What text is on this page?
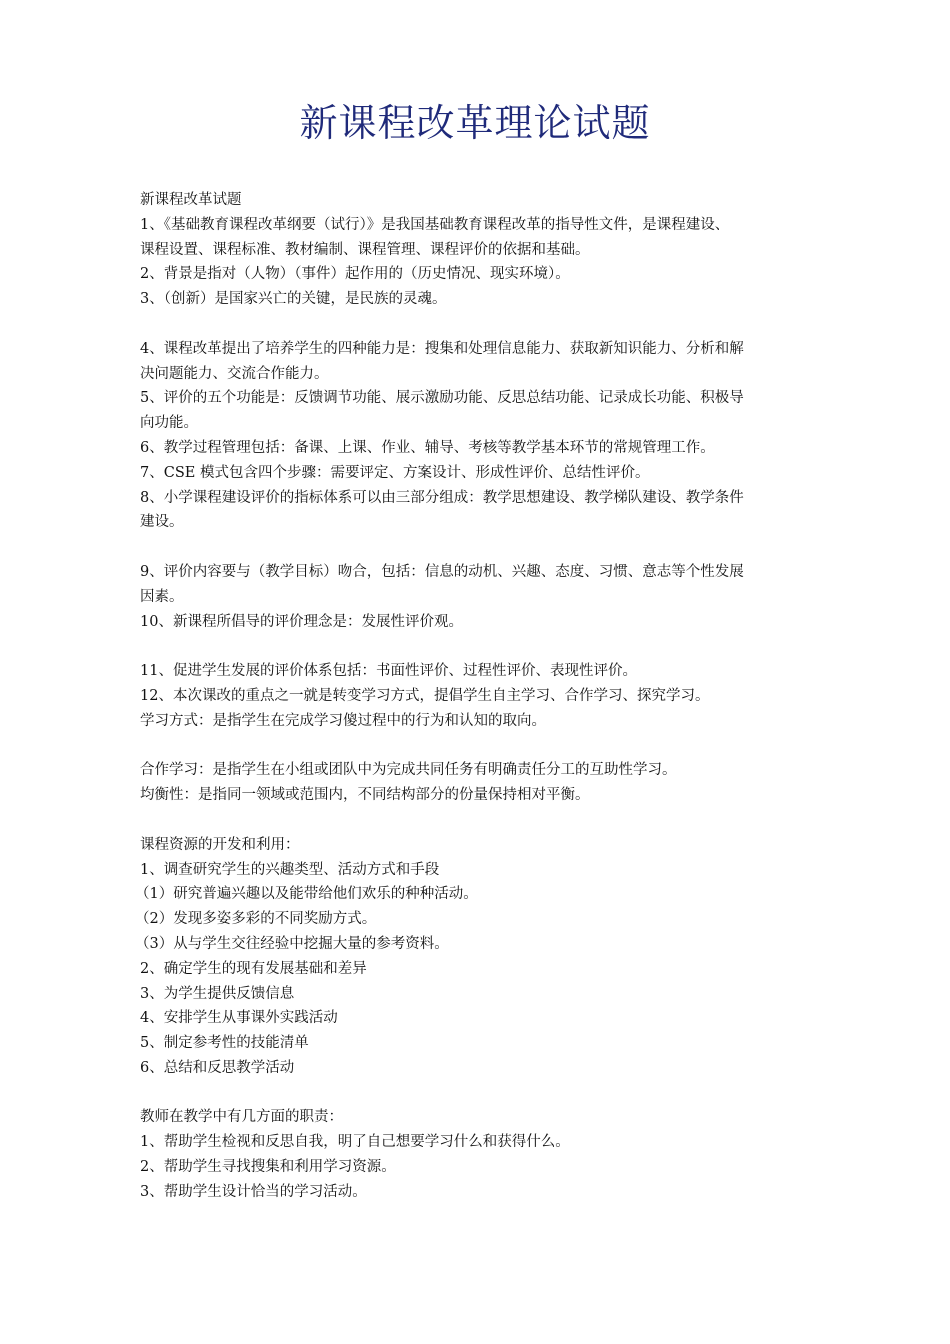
新课程改革理论试题
新课程改革试题
1、《基础教育课程改革纲要（试行）》是我国基础教育课程改革的指导性文件，是课程建设、
课程设置、课程标准、教材编制、课程管理、课程评价的依据和基础。
2、背景是指对（人物）（事件）起作用的（历史情况、现实环境）。
3、（创新）是国家兴亡的关键，是民族的灵魂。
4、课程改革提出了培养学生的四种能力是：搜集和处理信息能力、获取新知识能力、分析和解
决问题能力、交流合作能力。
5、评价的五个功能是：反馈调节功能、展示激励功能、反思总结功能、记录成长功能、积极导
向功能。
6、教学过程管理包括：备课、上课、作业、辅导、考核等教学基本环节的常规管理工作。
7、CSE 模式包含四个步骤：需要评定、方案设计、形成性评价、总结性评价。
8、小学课程建设评价的指标体系可以由三部分组成：教学思想建设、教学梯队建设、教学条件
建设。
9、评价内容要与（教学目标）吻合，包括：信息的动机、兴趣、态度、习惯、意志等个性发展
因素。
10、新课程所倡导的评价理念是：发展性评价观。
11、促进学生发展的评价体系包括：书面性评价、过程性评价、表现性评价。
12、本次课改的重点之一就是转变学习方式，提倡学生自主学习、合作学习、探究学习。
学习方式：是指学生在完成学习傻过程中的行为和认知的取向。
合作学习：是指学生在小组或团队中为完成共同任务有明确责任分工的互助性学习。
均衡性：是指同一领域或范围内，不同结构部分的份量保持相对平衡。
课程资源的开发和利用：
1、调查研究学生的兴趣类型、活动方式和手段
（1）研究普遍兴趣以及能带给他们欢乐的种种活动。
（2）发现多姿多彩的不同奖励方式。
（3）从与学生交往经验中挖掘大量的参考资料。
2、确定学生的现有发展基础和差异
3、为学生提供反馈信息
4、安排学生从事课外实践活动
5、制定参考性的技能清单
6、总结和反思教学活动
教师在教学中有几方面的职责：
1、帮助学生检视和反思自我，明了自己想要学习什么和获得什么。
2、帮助学生寻找搜集和利用学习资源。
3、帮助学生设计恰当的学习活动。
